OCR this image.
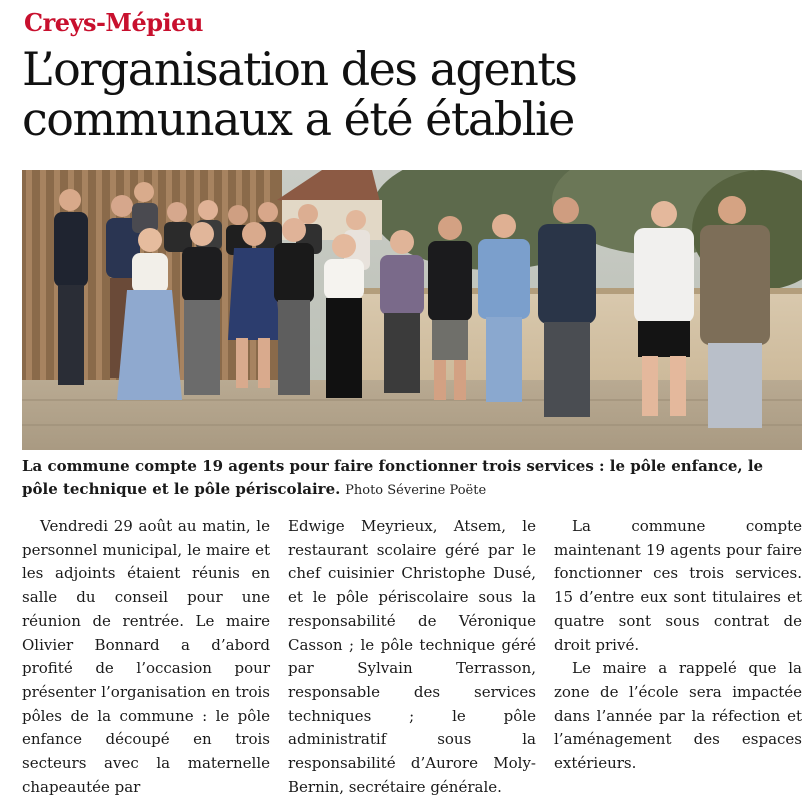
Creys-Mépieu
L’organisation des agents communaux a été établie
La commune compte 19 agents pour faire fonctionner trois services : le pôle enfance, le pôle technique et le pôle périscolaire. Photo Séverine Poëte

Vendredi 29 août au matin, le personnel municipal, le maire et les adjoints étaient réunis en salle du conseil pour une réunion de rentrée. Le maire Olivier Bonnard a d’abord profité de l’occasion pour présenter l’organisation en trois pôles de la commune : le pôle enfance découpé en trois secteurs avec la maternelle chapeautée par

Edwige Meyrieux, Atsem, le restaurant scolaire géré par le chef cuisinier Christophe Dusé, et le pôle périscolaire sous la responsabilité de Véronique Casson ; le pôle technique géré par Sylvain Terrasson, responsable des services techniques ; le pôle administratif sous la responsabilité d’Aurore Moly-Bernin, secrétaire générale.

La commune compte maintenant 19 agents pour faire fonctionner ces trois services. 15 d’entre eux sont titulaires et quatre sont sous contrat de droit privé.

Le maire a rappelé que la zone de l’école sera impactée dans l’année par la réfection et l’aménagement des espaces extérieurs.
